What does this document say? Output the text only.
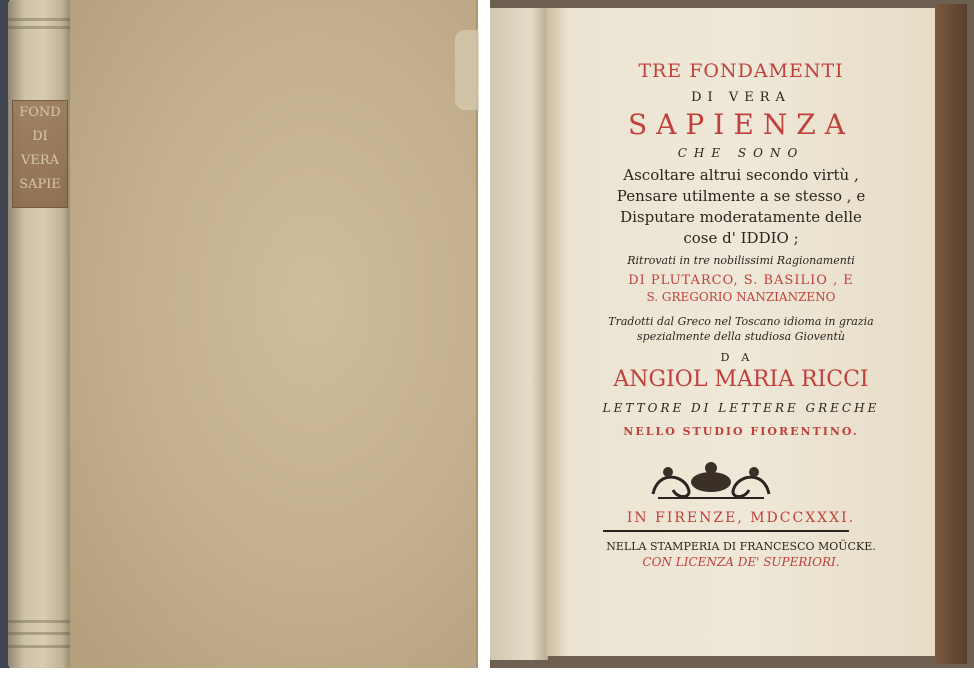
FOND
DI
VERA
SAPIE
TRE FONDAMENTI
DI VERA
SAPIENZA
CHE SONO
Ascoltare altrui secondo virtù ,
Pensare utilmente a se stesso , e
Disputare moderatamente delle
cose d' IDDIO ;
Ritrovati in tre nobilissimi Ragionamenti
DI PLUTARCO, S. BASILIO , E
S. GREGORIO NANZIANZENO
Tradotti dal Greco nel Toscano idioma in grazia
spezialmente della studiosa Gioventù
DA
ANGIOL MARIA RICCI
LETTORE DI LETTERE GRECHE
NELLO STUDIO FIORENTINO.
IN FIRENZE, MDCCXXXI.
NELLA STAMPERIA DI FRANCESCO MOÜCKE.
CON LICENZA DE' SUPERIORI.
